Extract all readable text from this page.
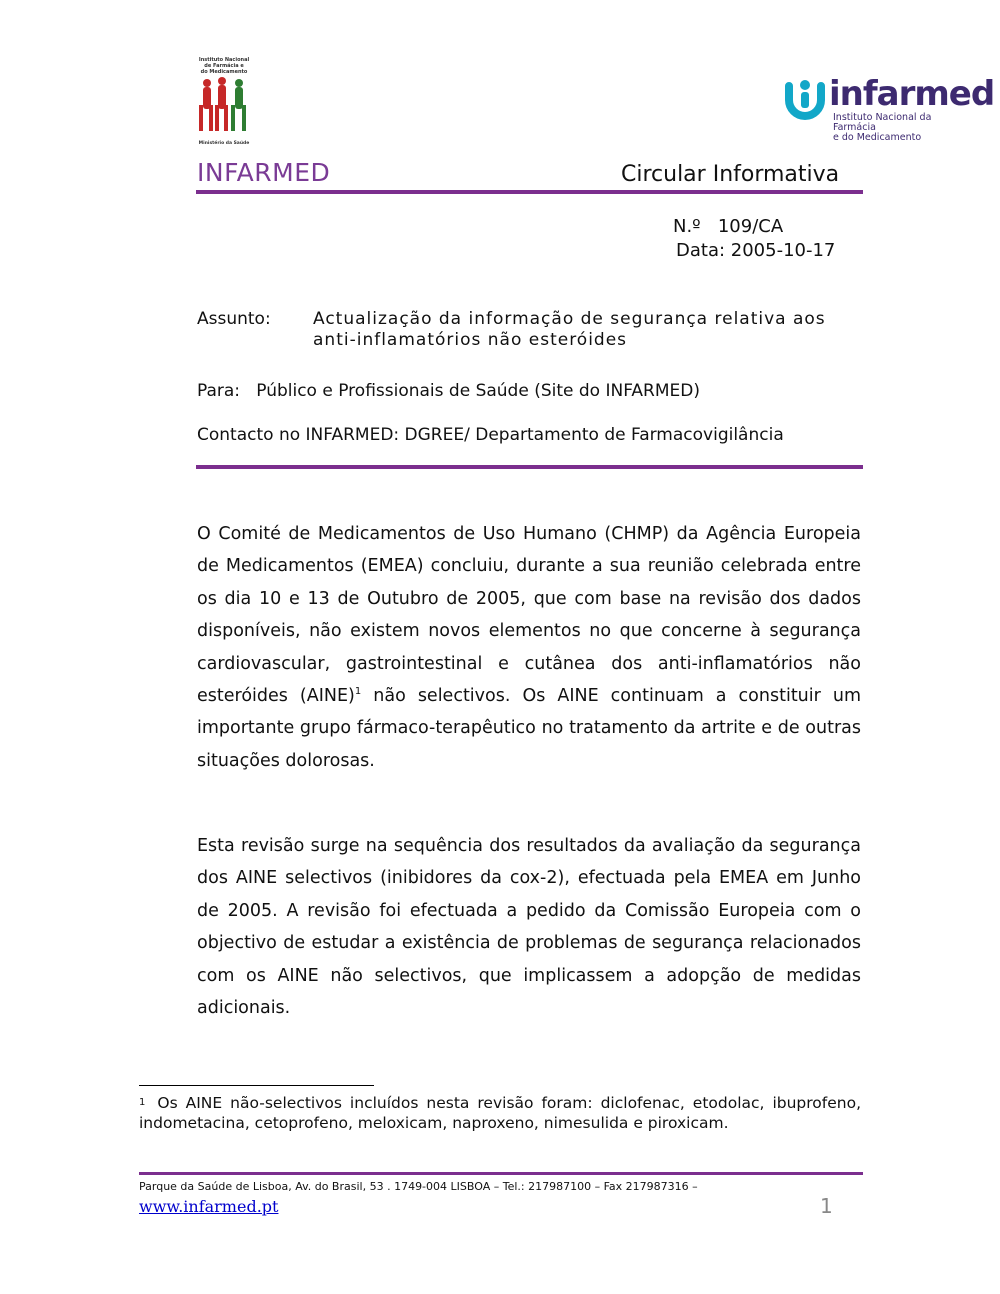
Instituto Nacional
de Farmácia e
do Medicamento
Ministério da Saúde
infarmed
Instituto Nacional da Farmácia
e do Medicamento
INFARMED	Circular Informativa
N.º   109/CA
Data: 2005-10-17
Assunto: Actualização da informação de segurança relativa aos
anti-inflamatórios não esteróides
Para:   Público e Profissionais de Saúde (Site do INFARMED)
Contacto no INFARMED: DGREE/ Departamento de Farmacovigilância
O Comité de Medicamentos de Uso Humano (CHMP) da Agência Europeia de Medicamentos (EMEA) concluiu, durante a sua reunião celebrada entre os dia 10 e 13 de Outubro de 2005, que com base na revisão dos dados disponíveis, não existem novos elementos no que concerne à segurança cardiovascular, gastrointestinal e cutânea dos anti-inflamatórios não esteróides (AINE)$^1$ não selectivos. Os AINE continuam a constituir um importante grupo fármaco-terapêutico no tratamento da artrite e de outras situações dolorosas.
Esta revisão surge na sequência dos resultados da avaliação da segurança dos AINE selectivos (inibidores da cox-2), efectuada pela EMEA em Junho de 2005. A revisão foi efectuada a pedido da Comissão Europeia com o objectivo de estudar a existência de problemas de segurança relacionados com os AINE não selectivos, que implicassem a adopção de medidas adicionais.
$^1$ Os AINE não-selectivos incluídos nesta revisão foram: diclofenac, etodolac, ibuprofeno, indometacina, cetoprofeno, meloxicam, naproxeno, nimesulida e piroxicam.
Parque da Saúde de Lisboa, Av. do Brasil, 53 . 1749-004 LISBOA – Tel.: 217987100 – Fax 217987316 –
www.infarmed.pt	1
